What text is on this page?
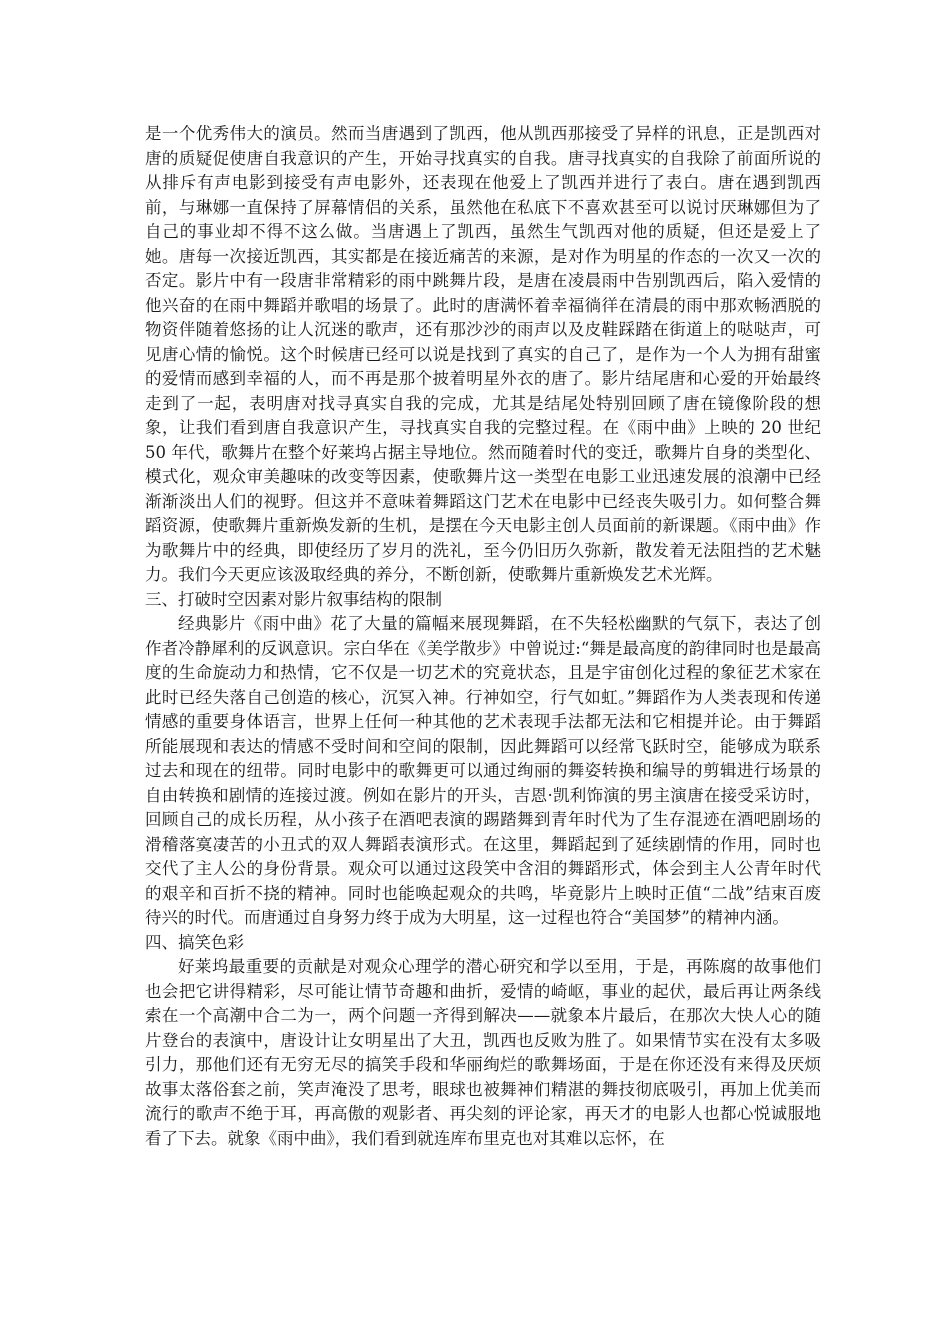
是一个优秀伟大的演员。然而当唐遇到了凯西，他从凯西那接受了异样的讯息，正是凯西对唐的质疑促使唐自我意识的产生，开始寻找真实的自我。唐寻找真实的自我除了前面所说的从排斥有声电影到接受有声电影外，还表现在他爱上了凯西并进行了表白。唐在遇到凯西前，与琳娜一直保持了屏幕情侣的关系，虽然他在私底下不喜欢甚至可以说讨厌琳娜但为了自己的事业却不得不这么做。当唐遇上了凯西，虽然生气凯西对他的质疑，但还是爱上了她。唐每一次接近凯西，其实都是在接近痛苦的来源，是对作为明星的作态的一次又一次的否定。影片中有一段唐非常精彩的雨中跳舞片段，是唐在凌晨雨中告别凯西后，陷入爱情的他兴奋的在雨中舞蹈并歌唱的场景了。此时的唐满怀着幸福徜徉在清晨的雨中那欢畅洒脱的物资伴随着悠扬的让人沉迷的歌声，还有那沙沙的雨声以及皮鞋踩踏在街道上的哒哒声，可见唐心情的愉悦。这个时候唐已经可以说是找到了真实的自己了，是作为一个人为拥有甜蜜的爱情而感到幸福的人，而不再是那个披着明星外衣的唐了。影片结尾唐和心爱的开始最终走到了一起，表明唐对找寻真实自我的完成，尤其是结尾处特别回顾了唐在镜像阶段的想象，让我们看到唐自我意识产生，寻找真实自我的完整过程。在《雨中曲》上映的 20 世纪 50 年代，歌舞片在整个好莱坞占据主导地位。然而随着时代的变迁，歌舞片自身的类型化、模式化，观众审美趣味的改变等因素，使歌舞片这一类型在电影工业迅速发展的浪潮中已经渐渐淡出人们的视野。但这并不意味着舞蹈这门艺术在电影中已经丧失吸引力。如何整合舞蹈资源，使歌舞片重新焕发新的生机，是摆在今天电影主创人员面前的新课题。《雨中曲》作为歌舞片中的经典，即使经历了岁月的洗礼，至今仍旧历久弥新，散发着无法阻挡的艺术魅力。我们今天更应该汲取经典的养分，不断创新，使歌舞片重新焕发艺术光辉。

三、打破时空因素对影片叙事结构的限制

经典影片《雨中曲》花了大量的篇幅来展现舞蹈，在不失轻松幽默的气氛下，表达了创作者冷静犀利的反讽意识。宗白华在《美学散步》中曾说过:“舞是最高度的韵律同时也是最高度的生命旋动力和热情，它不仅是一切艺术的究竟状态，且是宇宙创化过程的象征艺术家在此时已经失落自己创造的核心，沉冥入神。行神如空，行气如虹。”舞蹈作为人类表现和传递情感的重要身体语言，世界上任何一种其他的艺术表现手法都无法和它相提并论。由于舞蹈所能展现和表达的情感不受时间和空间的限制，因此舞蹈可以经常飞跃时空，能够成为联系过去和现在的纽带。同时电影中的歌舞更可以通过绚丽的舞姿转换和编导的剪辑进行场景的自由转换和剧情的连接过渡。例如在影片的开头，吉恩·凯利饰演的男主演唐在接受采访时，回顾自己的成长历程，从小孩子在酒吧表演的踢踏舞到青年时代为了生存混迹在酒吧剧场的滑稽落寞凄苦的小丑式的双人舞蹈表演形式。在这里，舞蹈起到了延续剧情的作用，同时也交代了主人公的身份背景。观众可以通过这段笑中含泪的舞蹈形式，体会到主人公青年时代的艰辛和百折不挠的精神。同时也能唤起观众的共鸣，毕竟影片上映时正值“二战”结束百废待兴的时代。而唐通过自身努力终于成为大明星，这一过程也符合“美国梦”的精神内涵。

四、搞笑色彩

好莱坞最重要的贡献是对观众心理学的潜心研究和学以至用，于是，再陈腐的故事他们也会把它讲得精彩，尽可能让情节奇趣和曲折，爱情的崎岖，事业的起伏，最后再让两条线索在一个高潮中合二为一，两个问题一齐得到解决——就象本片最后，在那次大快人心的随片登台的表演中，唐设计让女明星出了大丑，凯西也反败为胜了。如果情节实在没有太多吸引力，那他们还有无穷无尽的搞笑手段和华丽绚烂的歌舞场面，于是在你还没有来得及厌烦故事太落俗套之前，笑声淹没了思考，眼球也被舞神们精湛的舞技彻底吸引，再加上优美而流行的歌声不绝于耳，再高傲的观影者、再尖刻的评论家，再天才的电影人也都心悦诚服地看了下去。就象《雨中曲》，我们看到就连库布里克也对其难以忘怀，在
